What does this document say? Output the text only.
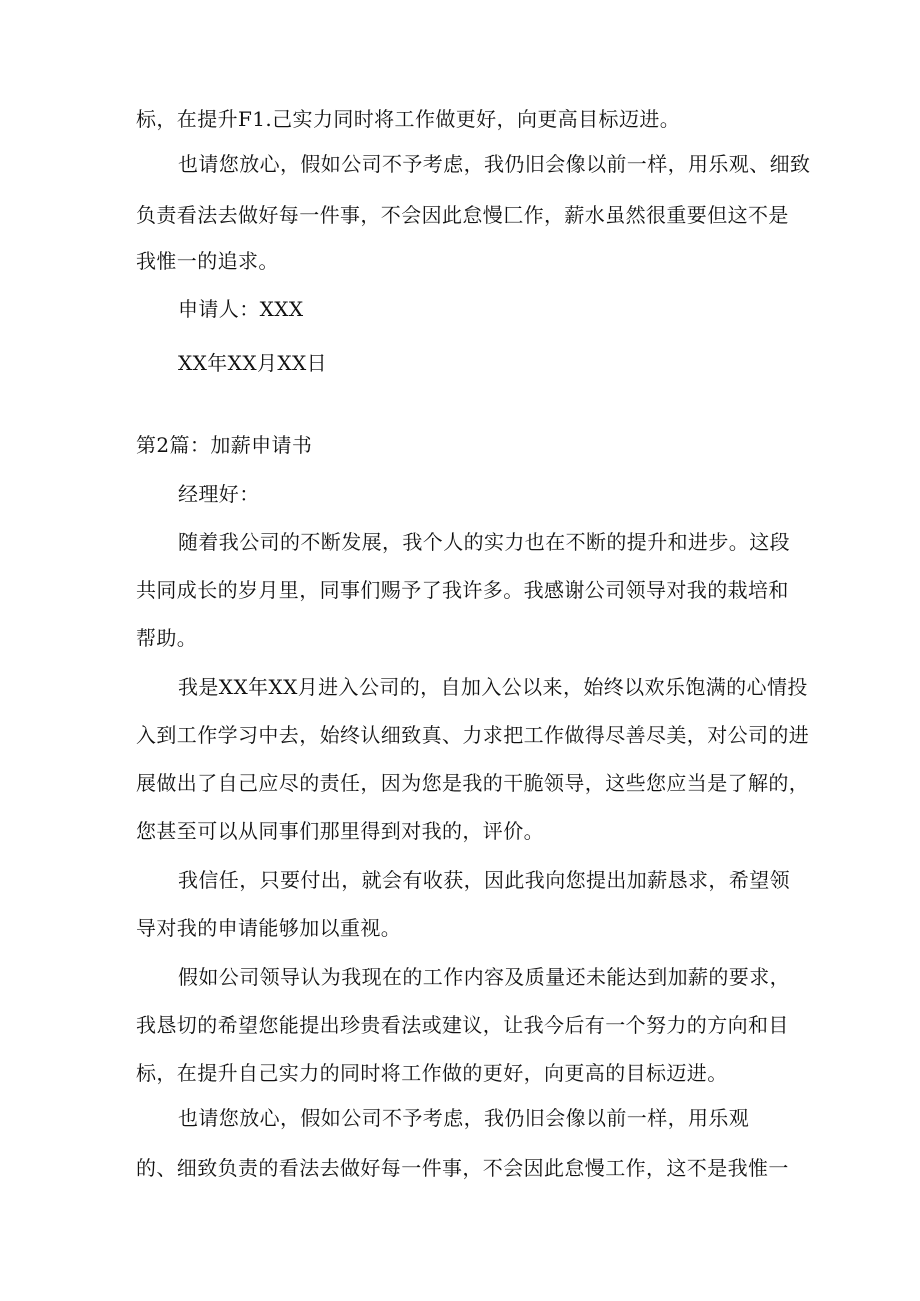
标，在提升F1.己实力同时将工作做更好，向更高目标迈进。
也请您放心，假如公司不予考虑，我仍旧会像以前一样，用乐观、细致
负责看法去做好每一件事，不会因此怠慢匚作，薪水虽然很重要但这不是
我惟一的追求。
申请人：XXX
XX年XX月XX日
第2篇：加薪申请书
经理好：
随着我公司的不断发展，我个人的实力也在不断的提升和进步。这段
共同成长的岁月里，同事们赐予了我许多。我感谢公司领导对我的栽培和
帮助。
我是XX年XX月进入公司的，自加入公以来，始终以欢乐饱满的心情投
入到工作学习中去，始终认细致真、力求把工作做得尽善尽美，对公司的进
展做出了自己应尽的责任，因为您是我的干脆领导，这些您应当是了解的，
您甚至可以从同事们那里得到对我的，评价。
我信任，只要付出，就会有收获，因此我向您提出加薪恳求，希望领
导对我的申请能够加以重视。
假如公司领导认为我现在的工作内容及质量还未能达到加薪的要求，
我恳切的希望您能提出珍贵看法或建议，让我今后有一个努力的方向和目
标，在提升自己实力的同时将工作做的更好，向更高的目标迈进。
也请您放心，假如公司不予考虑，我仍旧会像以前一样，用乐观
的、细致负责的看法去做好每一件事，不会因此怠慢工作，这不是我惟一
